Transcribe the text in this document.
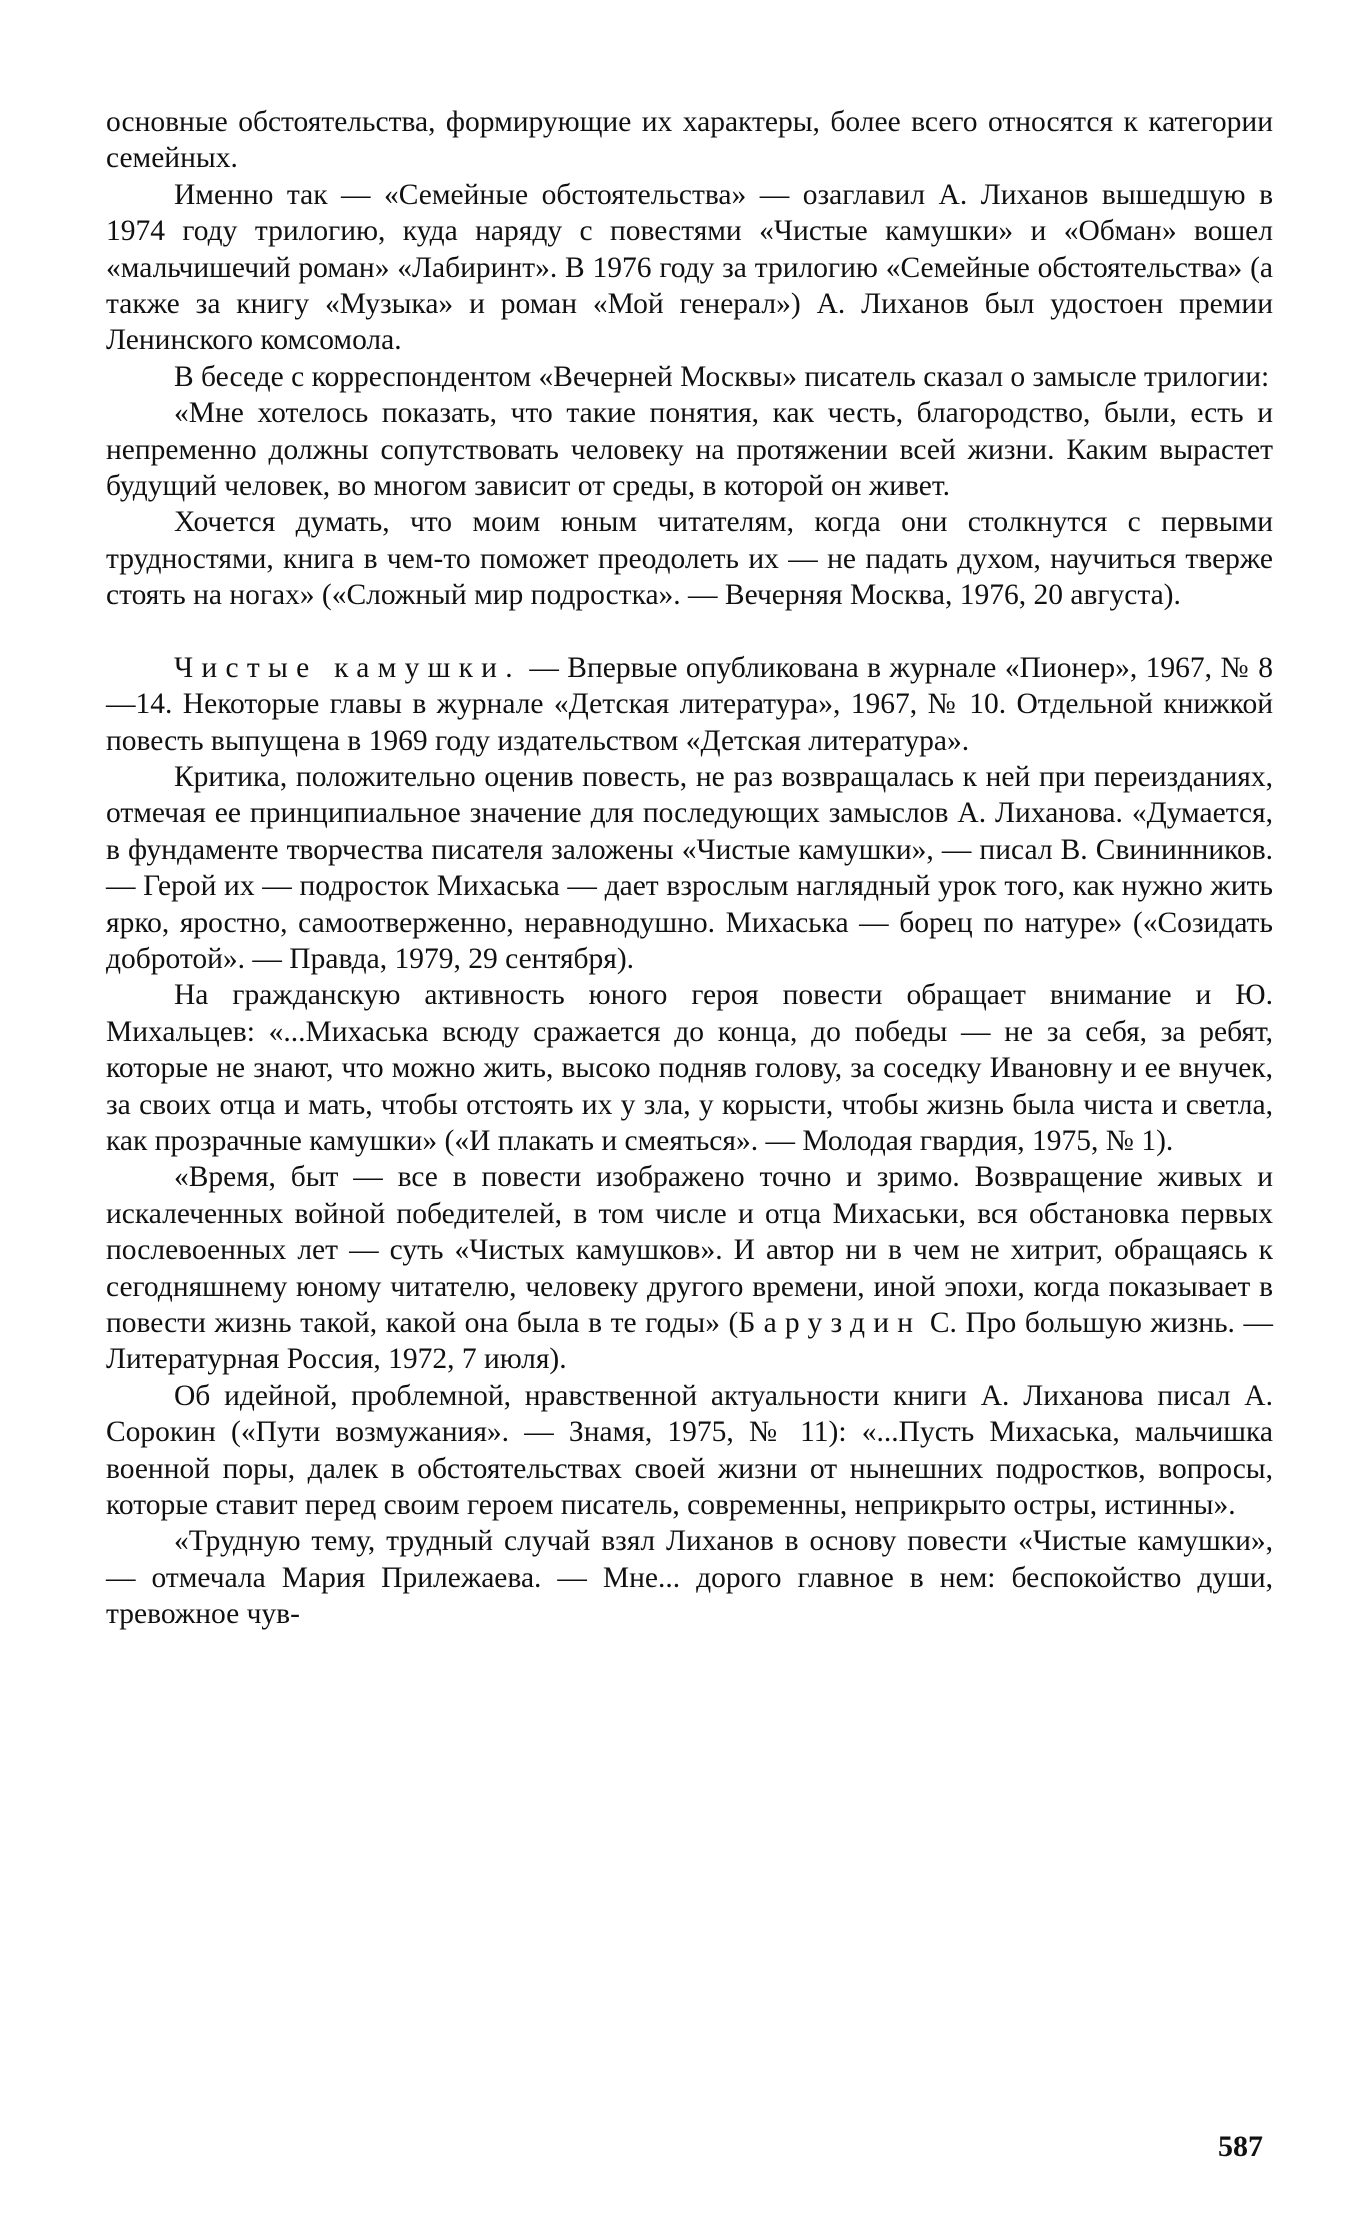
основные обстоятельства, формирующие их характеры, более всего относятся к категории семейных.

Именно так — «Семейные обстоятельства» — озаглавил А. Лиханов вышедшую в 1974 году трилогию, куда наряду с повестями «Чистые камушки» и «Обман» вошел «мальчишечий роман» «Лабиринт». В 1976 году за трилогию «Семейные обстоятельства» (а также за книгу «Музыка» и роман «Мой генерал») А. Лиханов был удостоен премии Ленинского комсомола.

В беседе с корреспондентом «Вечерней Москвы» писатель сказал о замысле трилогии:

«Мне хотелось показать, что такие понятия, как честь, благородство, были, есть и непременно должны сопутствовать человеку на протяжении всей жизни. Каким вырастет будущий человек, во многом зависит от среды, в которой он живет.

Хочется думать, что моим юным читателям, когда они столкнутся с первыми трудностями, книга в чем-то поможет преодолеть их — не падать духом, научиться тверже стоять на ногах» («Сложный мир подростка». — Вечерняя Москва, 1976, 20 августа).

Чистые камушки. — Впервые опубликована в журнале «Пионер», 1967, № 8—14. Некоторые главы в журнале «Детская литература», 1967, № 10. Отдельной книжкой повесть выпущена в 1969 году издательством «Детская литература».

Критика, положительно оценив повесть, не раз возвращалась к ней при переизданиях, отмечая ее принципиальное значение для последующих замыслов А. Лиханова. «Думается, в фундаменте творчества писателя заложены «Чистые камушки», — писал В. Свининников. — Герой их — подросток Михаська — дает взрослым наглядный урок того, как нужно жить ярко, яростно, самоотверженно, неравнодушно. Михаська — борец по натуре» («Созидать добротой». — Правда, 1979, 29 сентября).

На гражданскую активность юного героя повести обращает внимание и Ю. Михальцев: «...Михаська всюду сражается до конца, до победы — не за себя, за ребят, которые не знают, что можно жить, высоко подняв голову, за соседку Ивановну и ее внучек, за своих отца и мать, чтобы отстоять их у зла, у корысти, чтобы жизнь была чиста и светла, как прозрачные камушки» («И плакать и смеяться». — Молодая гвардия, 1975, № 1).

«Время, быт — все в повести изображено точно и зримо. Возвращение живых и искалеченных войной победителей, в том числе и отца Михаськи, вся обстановка первых послевоенных лет — суть «Чистых камушков». И автор ни в чем не хитрит, обращаясь к сегодняшнему юному читателю, человеку другого времени, иной эпохи, когда показывает в повести жизнь такой, какой она была в те годы» (Баруздин С. Про большую жизнь. — Литературная Россия, 1972, 7 июля).

Об идейной, проблемной, нравственной актуальности книги А. Лиханова писал А. Сорокин («Пути возмужания». — Знамя, 1975, № 11): «...Пусть Михаська, мальчишка военной поры, далек в обстоятельствах своей жизни от нынешних подростков, вопросы, которые ставит перед своим героем писатель, современны, неприкрыто остры, истинны».

«Трудную тему, трудный случай взял Лиханов в основу повести «Чистые камушки», — отмечала Мария Прилежаева. — Мне... дорого главное в нем: беспокойство души, тревожное чув-

587
